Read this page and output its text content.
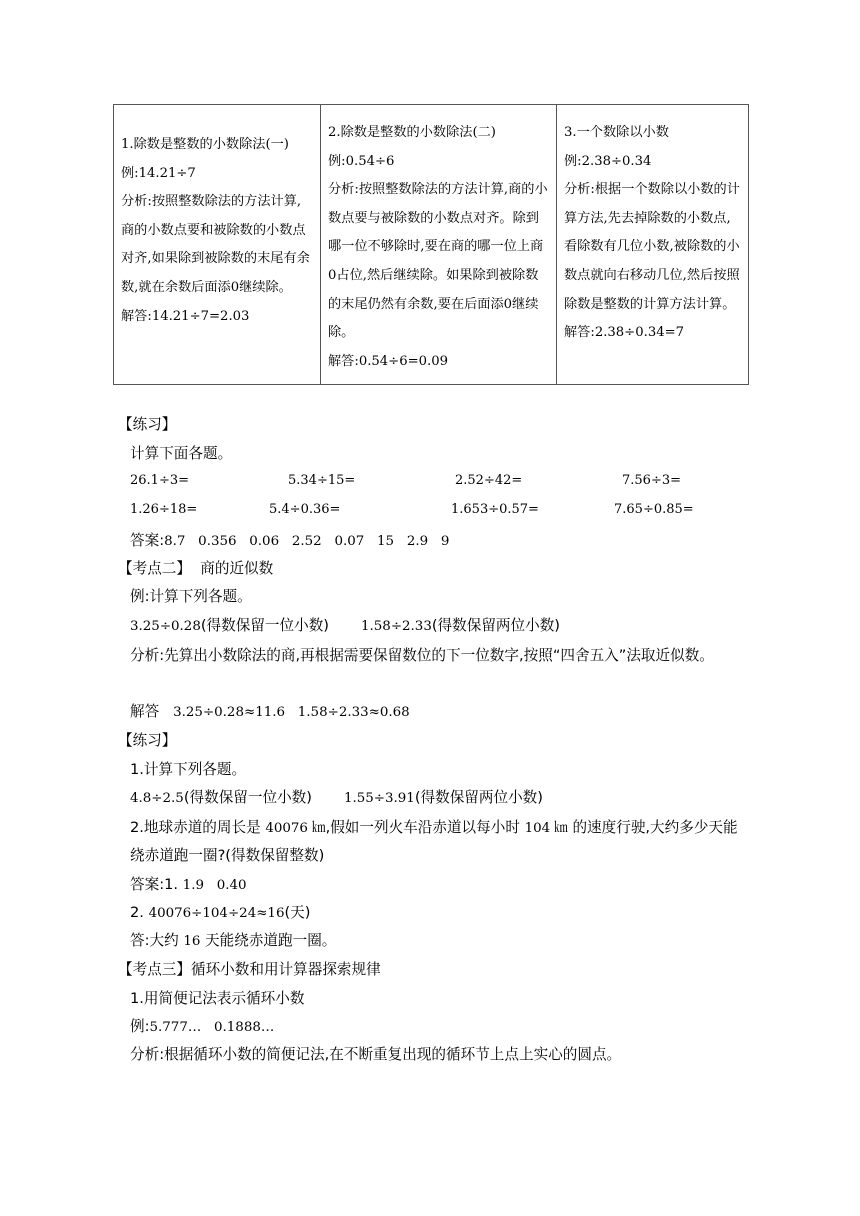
1.除数是整数的小数除法(一)
例:14.21÷7
分析:按照整数除法的方法计算,商的小数点要和被除数的小数点对齐,如果除到被除数的末尾有余数,就在余数后面添0继续除。
解答:14.21÷7=2.03

2.除数是整数的小数除法(二)
例:0.54÷6
分析:按照整数除法的方法计算,商的小数点要与被除数的小数点对齐。除到哪一位不够除时,要在商的哪一位上商0占位,然后继续除。如果除到被除数的末尾仍然有余数,要在后面添0继续除。
解答:0.54÷6=0.09

3.一个数除以小数
例:2.38÷0.34
分析:根据一个数除以小数的计算方法,先去掉除数的小数点,看除数有几位小数,被除数的小数点就向右移动几位,然后按照除数是整数的计算方法计算。
解答:2.38÷0.34=7
【练习】
计算下面各题。
26.1÷3=	5.34÷15=	2.52÷42=	7.56÷3=
1.26÷18=	5.4÷0.36=	1.653÷0.57=	7.65÷0.85=
答案:8.7   0.356   0.06   2.52   0.07   15   2.9   9
【考点二】 商的近似数
例:计算下列各题。
3.25÷0.28(得数保留一位小数) 1.58÷2.33(得数保留两位小数)
分析:先算出小数除法的商,再根据需要保留数位的下一位数字,按照“四舍五入”法取近似数。
解答 3.25÷0.28≈11.6   1.58÷2.33≈0.68
【练习】
1.计算下列各题。
4.8÷2.5(得数保留一位小数) 1.55÷3.91(得数保留两位小数)
2.地球赤道的周长是 40076 ㎞,假如一列火车沿赤道以每小时 104 ㎞ 的速度行驶,大约多少天能绕赤道跑一圈?(得数保留整数)
答案:1. 1.9   0.40
2. 40076÷104÷24≈16(天)
答:大约 16 天能绕赤道跑一圈。
【考点三】循环小数和用计算器探索规律
1.用简便记法表示循环小数
例:5.777…   0.1888…
分析:根据循环小数的简便记法,在不断重复出现的循环节上点上实心的圆点。
